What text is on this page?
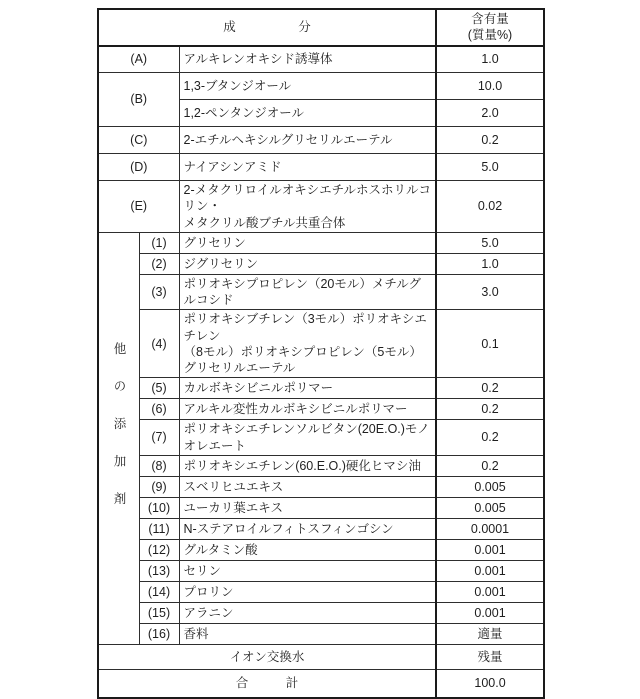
成　　　　　分			含有量
(質量%)
(A)		アルキレンオキシド誘導体	1.0
(B)		1,3-ブタンジオール	10.0
		1,2-ペンタンジオール	2.0
(C)		2-エチルヘキシルグリセリルエーテル	0.2
(D)		ナイアシンアミド	5.0
(E)		2-メタクリロイルオキシエチルホスホリルコリン・
メタクリル酸ブチル共重合体	0.02
他の添加剤	(1)	グリセリン	5.0
	(2)	ジグリセリン	1.0
	(3)	ポリオキシプロピレン（20モル）メチルグルコシド	3.0
	(4)	ポリオキシブチレン（3モル）ポリオキシエチレン
（8モル）ポリオキシプロピレン（5モル）
グリセリルエーテル	0.1
	(5)	カルボキシビニルポリマー	0.2
	(6)	アルキル変性カルボキシビニルポリマー	0.2
	(7)	ポリオキシエチレンソルビタン(20E.O.)モノオレエート	0.2
	(8)	ポリオキシエチレン(60.E.O.)硬化ヒマシ油	0.2
	(9)	スベリヒユエキス	0.005
	(10)	ユーカリ葉エキス	0.005
	(11)	N-ステアロイルフィトスフィンゴシン	0.0001
	(12)	グルタミン酸	0.001
	(13)	セリン	0.001
	(14)	プロリン	0.001
	(15)	アラニン	0.001
	(16)	香料	適量
イオン交換水			残量
合　　　計			100.0
